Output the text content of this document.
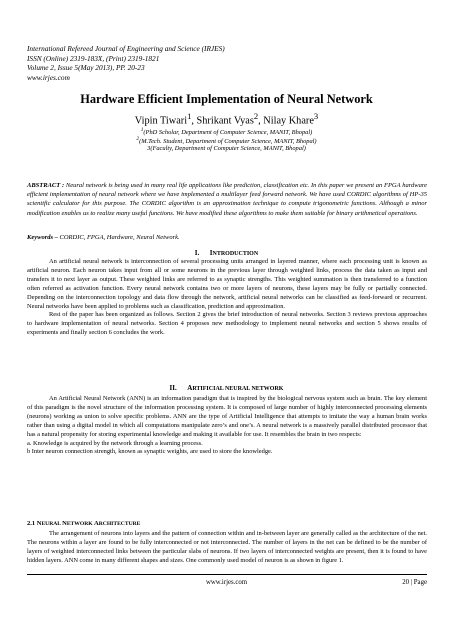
International Refereed Journal of Engineering and Science (IRJES)
ISSN (Online) 2319-183X, (Print) 2319-1821
Volume 2, Issue 5(May 2013), PP. 20-23
www.irjes.com
Hardware Efficient Implementation of Neural Network
Vipin Tiwari$^1$, Shrikant Vyas$^2$, Nilay Khare$^3$
$^1$(PhD Scholar, Department of Computer Science, MANIT, Bhopal)
$^2$(M.Tech. Student, Department of Computer Science, MANIT, Bhopal)
3(Faculty, Department of Computer Science, MANIT, Bhopal)
ABSTRACT : Neural network is being used in many real life applications like prediction, classification etc. In this paper we present an FPGA hardware efficient implementation of neural network where we have implemented a multilayer feed forward network. We have used CORDIC algorithms of HP-35 scientific calculator for this purpose. The CORDIC algorithm is an approximation technique to compute trigonometric functions. Although a minor modification enables us to realize many useful functions. We have modified these algorithms to make them suitable for binary arithmetical operations.
Keywords – CORDIC, FPGA, Hardware, Neural Network.
I. INTRODUCTION

An artificial neural network is interconnection of several processing units arranged in layered manner, where each processing unit is known as artificial neuron. Each neuron takes input from all or some neurons in the previous layer through weighted links, process the data taken as input and transfers it to next layer as output. These weighted links are referred to as synaptic strengths. This weighted summation is then transferred to a function often referred as activation function. Every neural network contains two or more layers of neurons, these layers may be fully or partially connected. Depending on the interconnection topology and data flow through the network, artificial neural networks can be classified as feed-forward or recurrent. Neural networks have been applied to problems such as classification, prediction and approximation.

Rest of the paper has been organized as follows. Section 2 gives the brief introduction of neural networks. Section 3 reviews previous approaches to hardware implementation of neural networks. Section 4 proposes new methodology to implement neural networks and section 5 shows results of experiments and finally section 6 concludes the work.

II. ARTIFICIAL NEURAL NETWORK

An Artificial Neural Network (ANN) is an information paradigm that is inspired by the biological nervous system such as brain. The key element of this paradigm is the novel structure of the information processing system. It is composed of large number of highly interconnected processing elements (neurons) working as union to solve specific problems. ANN are the type of Artificial Intelligence that attempts to imitate the way a human brain works rather than using a digital model in which all computations manipulate zero’s and one’s. A neural network is a massively parallel distributed processor that has a natural propensity for storing experimental knowledge and making it available for use. It resembles the brain in two respects:

a. Knowledge is acquired by the network through a learning process.

b Inter neuron connection strength, known as synaptic weights, are used to store the knowledge.

2.1 NEURAL NETWORK ARCHITECTURE

The arrangement of neurons into layers and the pattern of connection within and in-between layer are generally called as the architecture of the net. The neurons within a layer are found to be fully interconnected or not interconnected. The number of layers in the net can be defined to be the number of layers of weighted interconnected links between the particular slabs of neurons. If two layers of interconnected weights are present, then it is found to have hidden layers. ANN come in many different shapes and sizes. One commonly used model of neuron is as shown in figure 1.

www.irjes.com	20 | Page
